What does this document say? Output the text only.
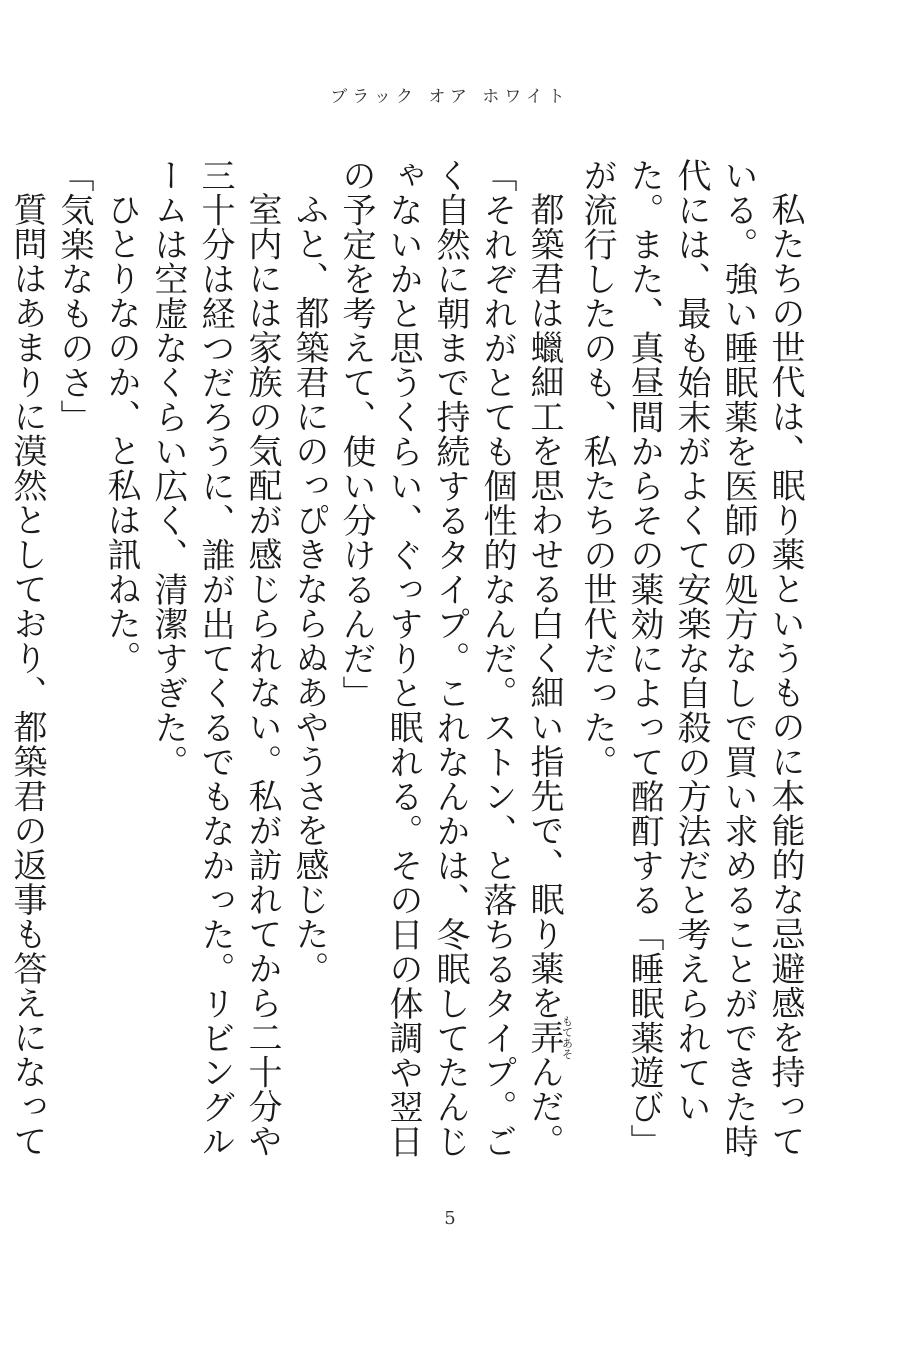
ブラック オア ホワイト

私たちの世代は、眠り薬というものに本能的な忌避感を持っている。強い睡眠薬を医師の処方なしで買い求めることができた時代には、最も始末がよくて安楽な自殺の方法だと考えられていた。また、真昼間からその薬効によって酩酊する「睡眠薬遊び」が流行したのも、私たちの世代だった。

都築君は蠟細工を思わせる白く細い指先で、眠り薬を弄もてあそんだ。

「それぞれがとても個性的なんだ。ストン、と落ちるタイプ。ごく自然に朝まで持続するタイプ。これなんかは、冬眠してたんじゃないかと思うくらい、ぐっすりと眠れる。その日の体調や翌日の予定を考えて、使い分けるんだ」

ふと、都築君にのっぴきならぬあやうさを感じた。

室内には家族の気配が感じられない。私が訪れてから二十分や三十分は経つだろうに、誰が出てくるでもなかった。リビングルームは空虚なくらい広く、清潔すぎた。

ひとりなのか、と私は訊ねた。

「気楽なものさ」

質問はあまりに漠然としており、都築君の返事も答えになって

5
